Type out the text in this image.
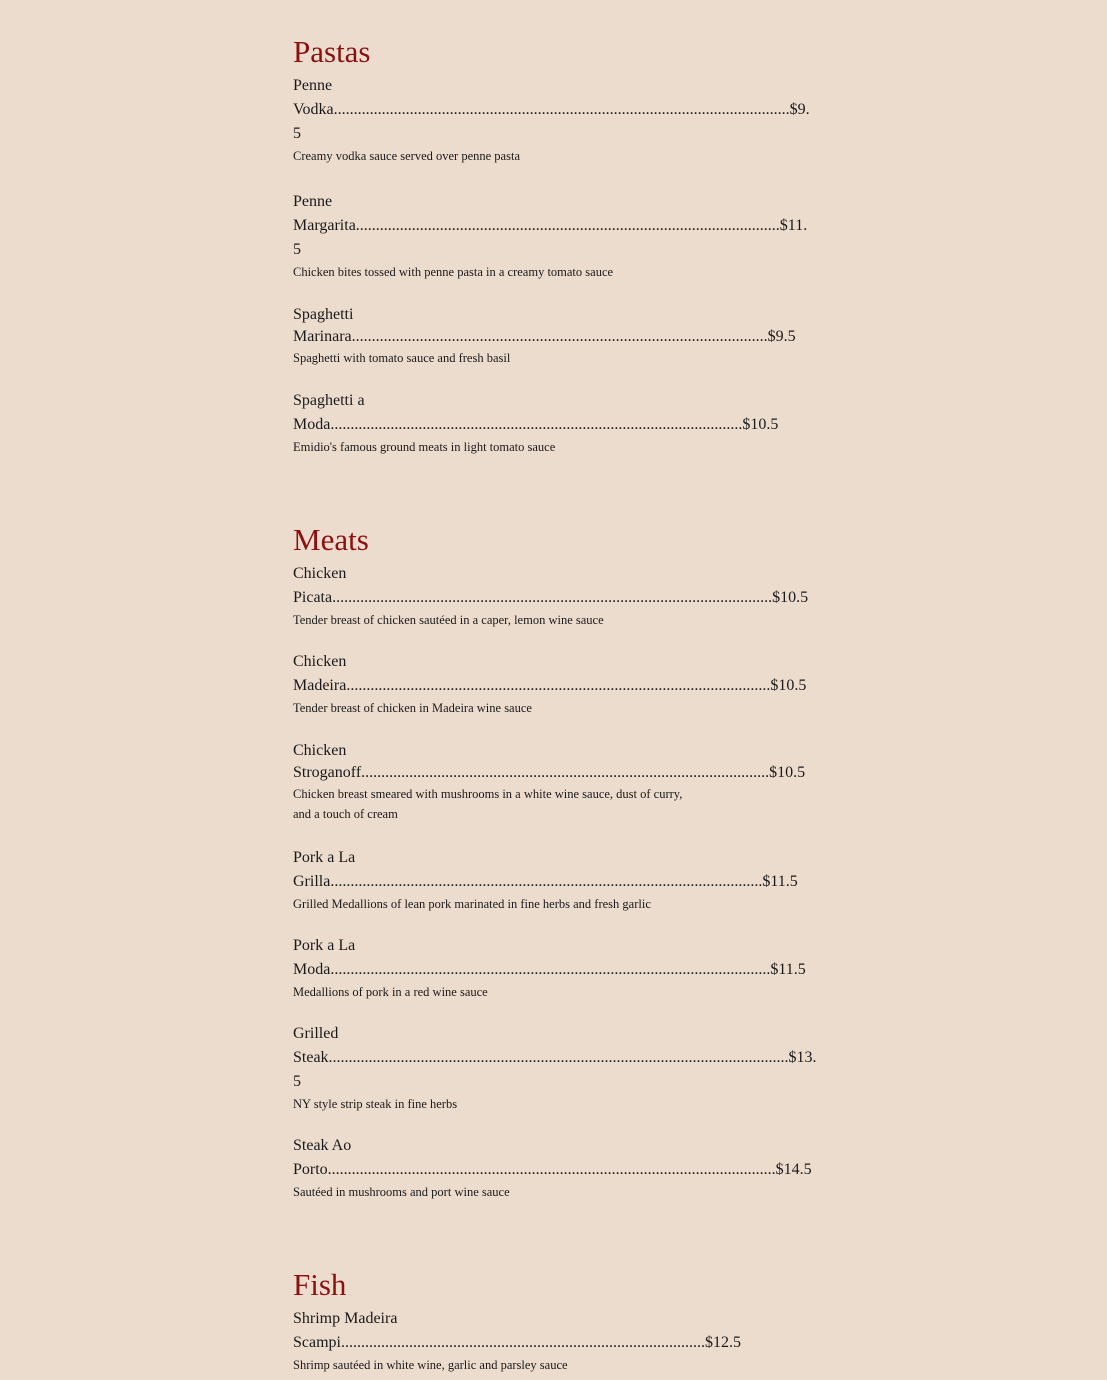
Pastas

Penne
Vodka..................................................................................................................$9.
5

Creamy vodka sauce served over penne pasta

Penne
Margarita..........................................................................................................$11.
5

Chicken bites tossed with penne pasta in a creamy tomato sauce

Spaghetti
Marinara........................................................................................................$9.5

Spaghetti with tomato sauce and fresh basil

Spaghetti a
Moda.......................................................................................................$10.5

Emidio's famous ground meats in light tomato sauce

Meats

Chicken
Picata..............................................................................................................$10.5

Tender breast of chicken sautéed in a caper, lemon wine sauce

Chicken
Madeira..........................................................................................................$10.5

Tender breast of chicken in Madeira wine sauce

Chicken
Stroganoff......................................................................................................$10.5

Chicken breast smeared with mushrooms in a white wine sauce, dust of curry,
and a touch of cream

Pork a La
Grilla............................................................................................................$11.5

Grilled Medallions of lean pork marinated in fine herbs and fresh garlic

Pork a La
Moda..............................................................................................................$11.5

Medallions of pork in a red wine sauce

Grilled
Steak...................................................................................................................$13.
5

NY style strip steak in fine herbs

Steak Ao
Porto................................................................................................................$14.5

Sautéed in mushrooms and port wine sauce

Fish

Shrimp Madeira
Scampi...........................................................................................$12.5

Shrimp sautéed in white wine, garlic and parsley sauce
